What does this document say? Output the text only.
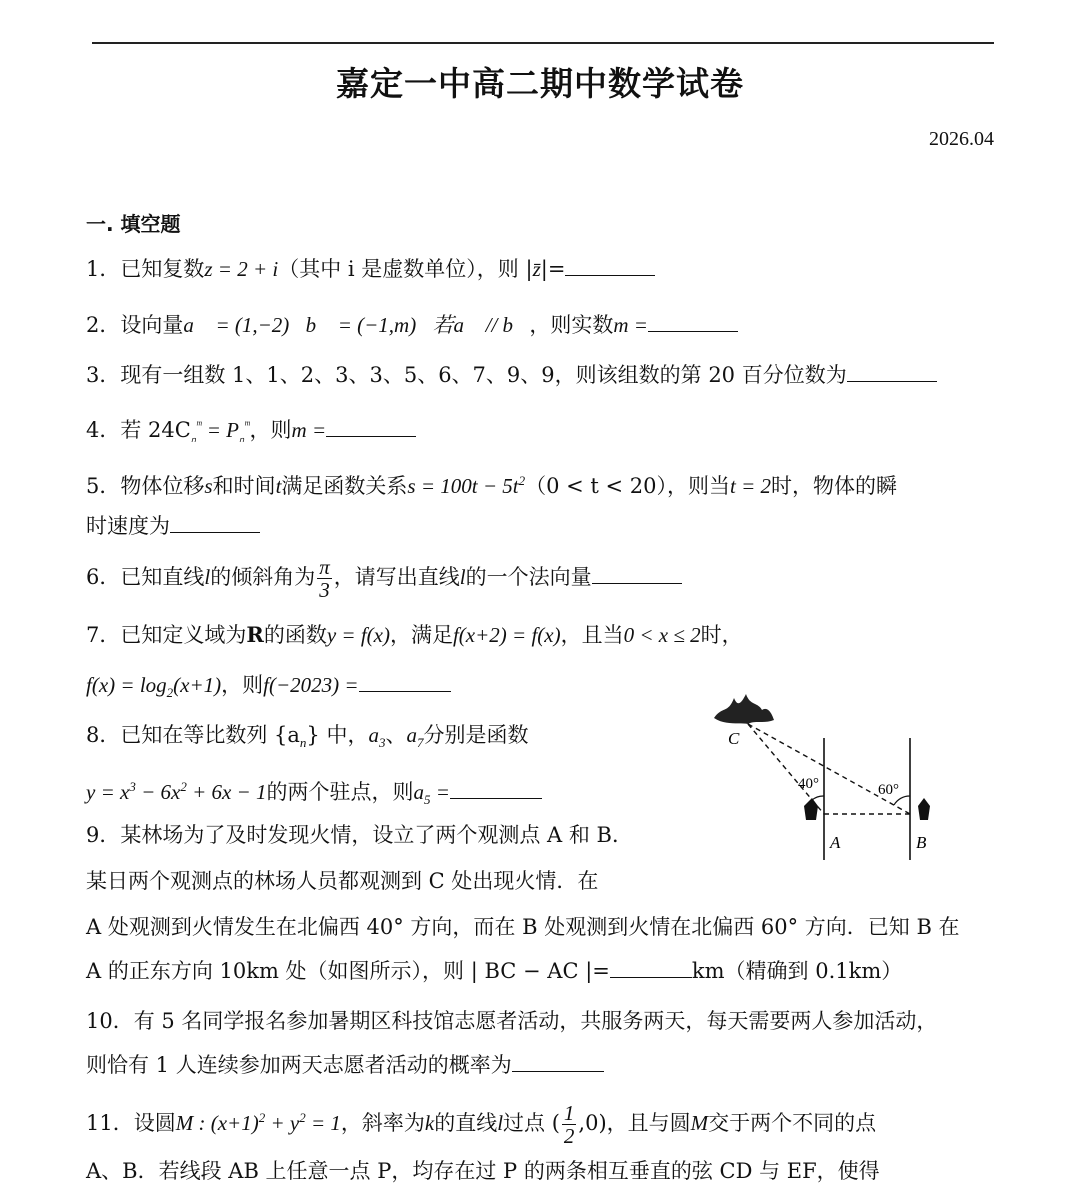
嘉定一中高二期中数学试卷
2026.04
一. 填空题
1．已知复数z = 2 + i（其中 i 是虚数单位），则 |z̄|=
2．设向量a⃗ = (1,−2)，b⃗ = (−1,m)，若a⃗ // b⃗，则实数m =
3．现有一组数 1、1、2、3、3、5、6、7、9、9，则该组数的第 20 百分位数为
4．若 $24C_{_n}^ᵐ = P_{_n}^ᵐ$，则m =
5．物体位移s和时间t满足函数关系$s = 100t - 5t^2(0 < t < 20)$，则当t = 2时，物体的瞬
时速度为
6．已知直线l的倾斜角为 $\frac{\pi}{3}$ ，请写出直线l的一个法向量
7．已知定义域为R的函数y = f(x)，满足f(x+2) = f(x)，且当0 < x ≤ 2时，
$f(x) = \log_2(x+1)$，则f(−2023) =
8．已知在等比数列 $\{a_n\}$ 中，$a_3$、$a_7$分别是函数
$y = x^3 - 6x^2 + 6x - 1$的两个驻点，则$a_5$ =
9．某林场为了及时发现火情，设立了两个观测点 A 和 B．
某日两个观测点的林场人员都观测到 C 处出现火情．在
A 处观测到火情发生在北偏西 40° 方向，而在 B 处观测到火情在北偏西 60° 方向．已知 B 在
A 的正东方向 10km 处（如图所示），则 | BC − AC |=	km（精确到 0.1km）
10．有 5 名同学报名参加暑期区科技馆志愿者活动，共服务两天，每天需要两人参加活动，
则恰有 1 人连续参加两天志愿者活动的概率为
11．设圆M : $(x+1)^2 + y^2 = 1$，斜率为k的直线l过点 ( $\frac{1}{2} ,0$)，且与圆M交于两个不同的点
A、B．若线段 AB 上任意一点 P，均存在过 P 的两条相互垂直的弦 CD 与 EF，使得
C
40°	60°
A	B
